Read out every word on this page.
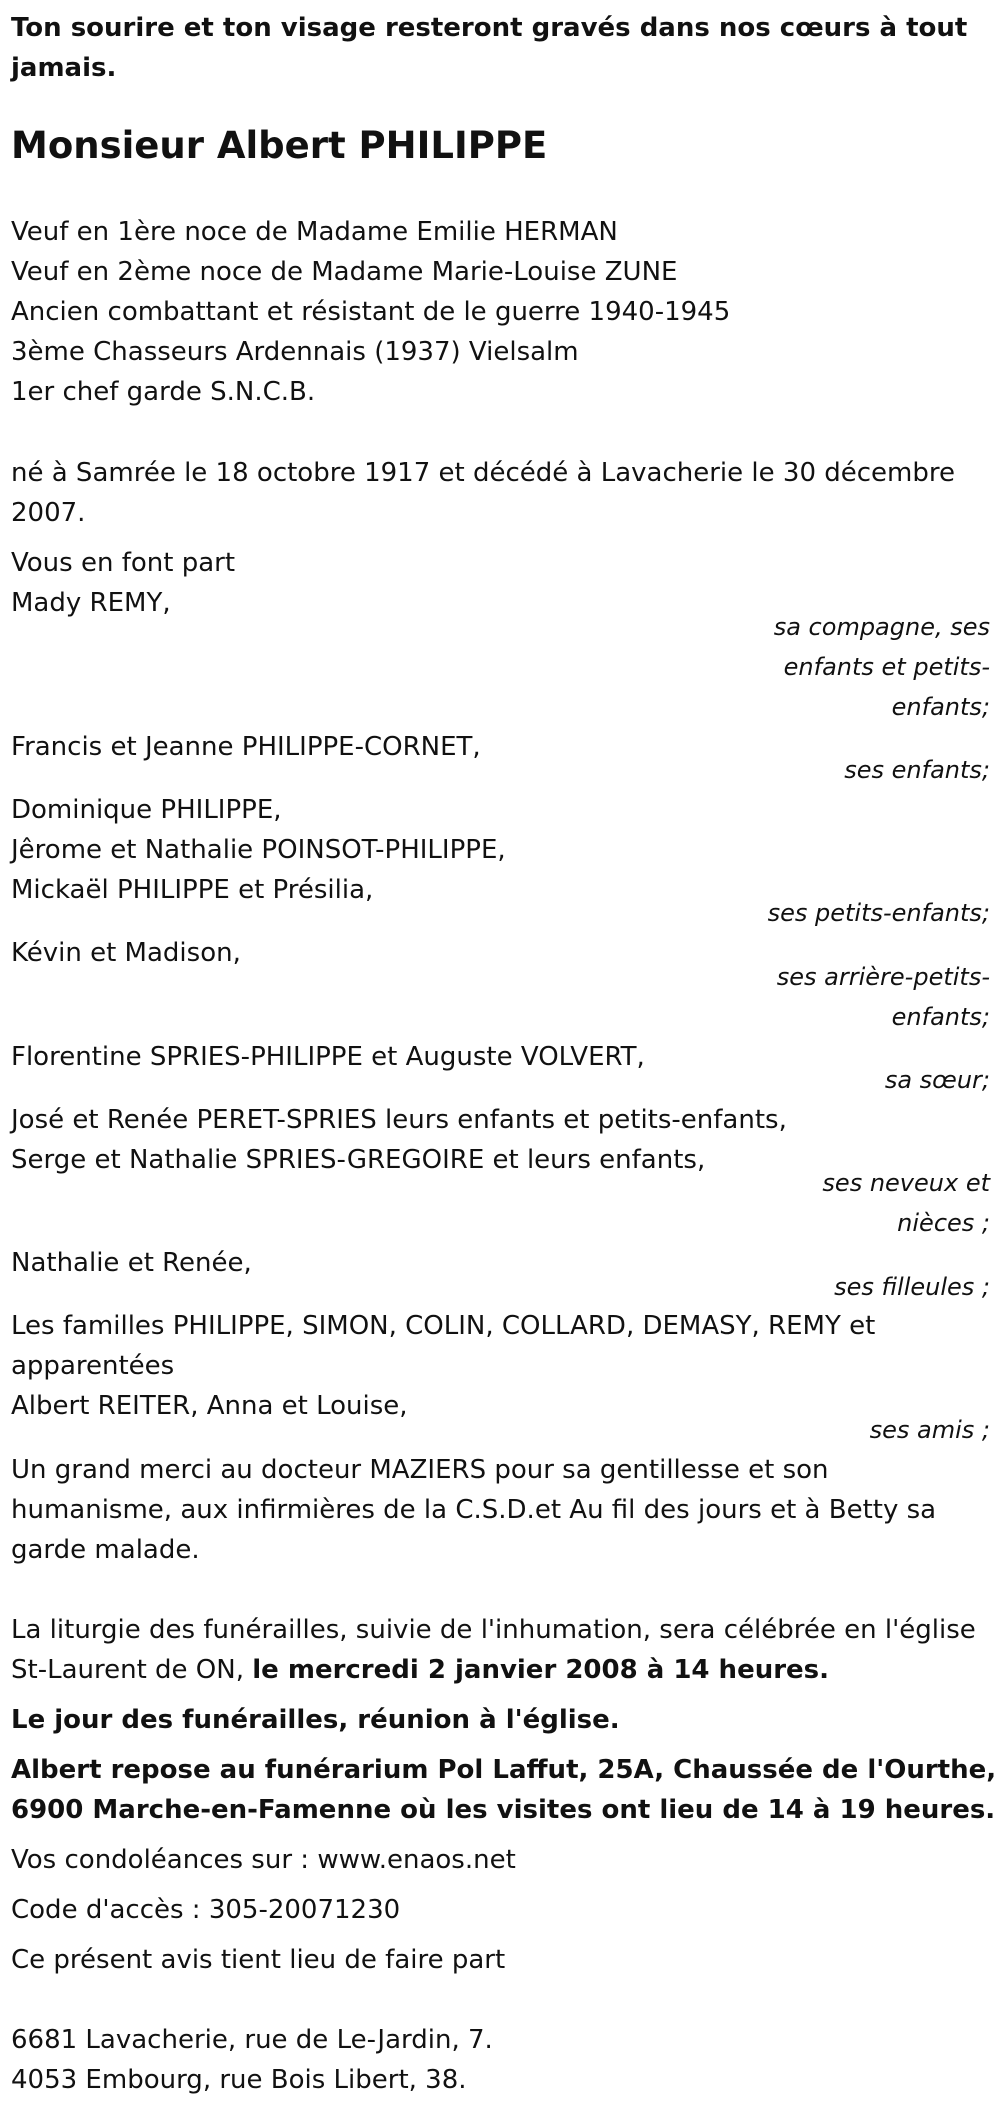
Ton sourire et ton visage resteront gravés dans nos cœurs à tout
jamais.
Monsieur Albert PHILIPPE

Veuf en 1ère noce de Madame Emilie HERMAN

Veuf en 2ème noce de Madame Marie-Louise ZUNE

Ancien combattant et résistant de le guerre 1940-1945

3ème Chasseurs Ardennais (1937) Vielsalm

1er chef garde S.N.C.B.

né à Samrée le 18 octobre 1917 et décédé à Lavacherie le 30 décembre

2007.

Vous en font part

Mady REMY,

sa compagne, ses

enfants et petits-

enfants;

Francis et Jeanne PHILIPPE-CORNET,

ses enfants;

Dominique PHILIPPE,

Jêrome et Nathalie POINSOT-PHILIPPE,

Mickaël PHILIPPE et Présilia,

ses petits-enfants;

Kévin et Madison,

ses arrière-petits-

enfants;

Florentine SPRIES-PHILIPPE et Auguste VOLVERT,

sa sœur;

José et Renée PERET-SPRIES leurs enfants et petits-enfants,

Serge et Nathalie SPRIES-GREGOIRE et leurs enfants,

ses neveux et

nièces ;

Nathalie et Renée,

ses filleules ;

Les familles PHILIPPE, SIMON, COLIN, COLLARD, DEMASY, REMY et

apparentées

Albert REITER, Anna et Louise,

ses amis ;

Un grand merci au docteur MAZIERS pour sa gentillesse et son

humanisme, aux infirmières de la C.S.D.et Au fil des jours et à Betty sa

garde malade.

La liturgie des funérailles, suivie de l'inhumation, sera célébrée en l'église

St-Laurent de ON, le mercredi 2 janvier 2008 à 14 heures.

Le jour des funérailles, réunion à l'église.

Albert repose au funérarium Pol Laffut, 25A, Chaussée de l'Ourthe,

6900 Marche-en-Famenne où les visites ont lieu de 14 à 19 heures.

Vos condoléances sur : www.enaos.net

Code d'accès : 305-20071230

Ce présent avis tient lieu de faire part

6681 Lavacherie, rue de Le-Jardin, 7.

4053 Embourg, rue Bois Libert, 38.
